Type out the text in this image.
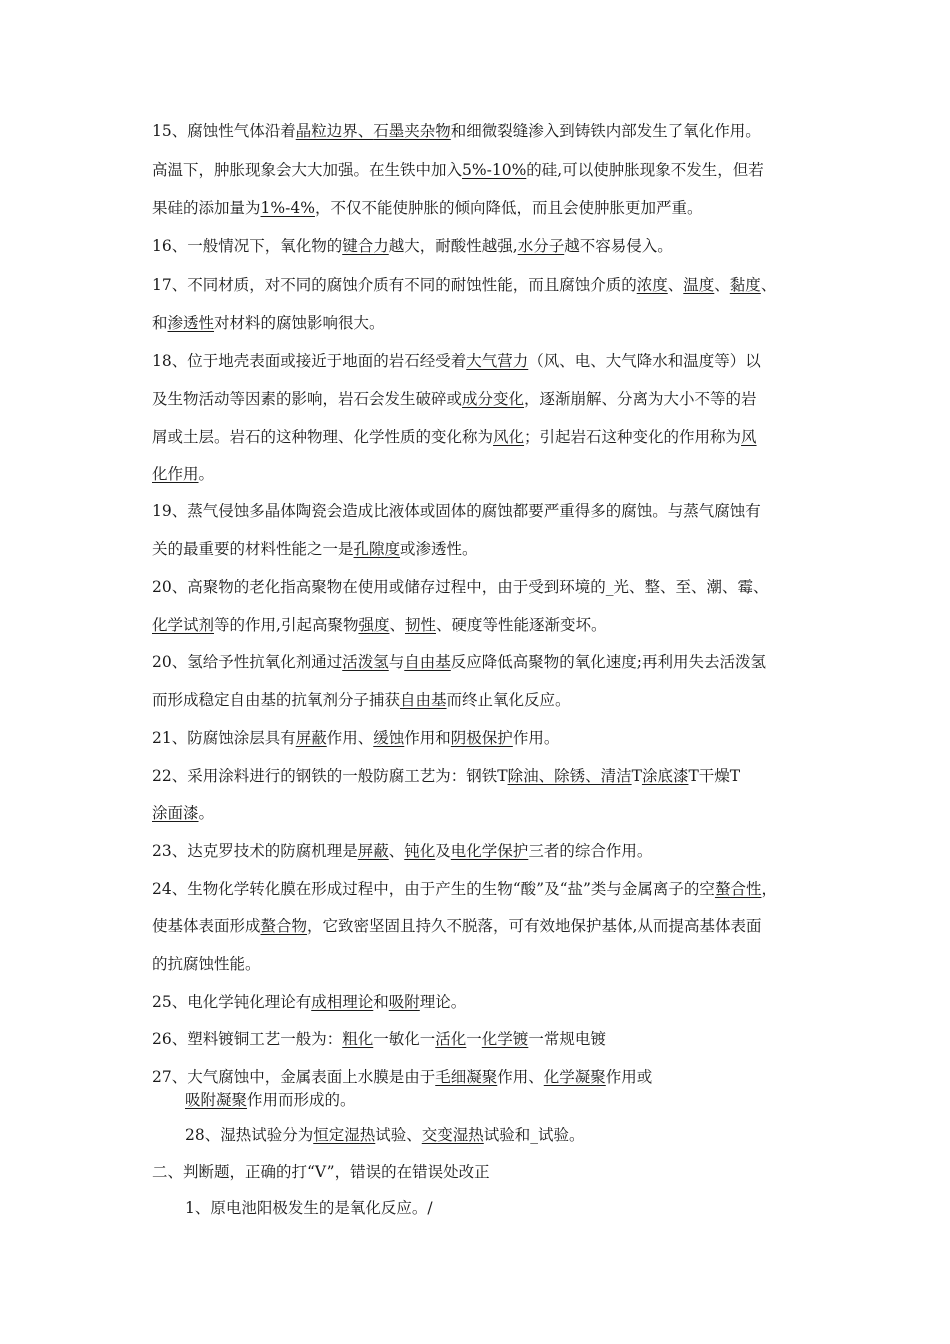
15、腐蚀性气体沿着晶粒边界、石墨夹杂物和细微裂缝渗入到铸铁内部发生了氧化作用。
高温下，肿胀现象会大大加强。在生铁中加入5%-10%的硅,可以使肿胀现象不发生，但若
果硅的添加量为1%-4%，不仅不能使肿胀的倾向降低，而且会使肿胀更加严重。
16、一般情况下，氧化物的键合力越大，耐酸性越强,水分子越不容易侵入。
17、不同材质，对不同的腐蚀介质有不同的耐蚀性能，而且腐蚀介质的浓度、温度、黏度、
和渗透性对材料的腐蚀影响很大。
18、位于地壳表面或接近于地面的岩石经受着大气营力（风、电、大气降水和温度等）以
及生物活动等因素的影响，岩石会发生破碎或成分变化，逐渐崩解、分离为大小不等的岩
屑或土层。岩石的这种物理、化学性质的变化称为风化；引起岩石这种变化的作用称为风
化作用。
19、蒸气侵蚀多晶体陶瓷会造成比液体或固体的腐蚀都要严重得多的腐蚀。与蒸气腐蚀有
关的最重要的材料性能之一是孔隙度或渗透性。
20、高聚物的老化指高聚物在使用或储存过程中，由于受到环境的_光、整、至、潮、霉、
化学试剂等的作用,引起高聚物强度、韧性、硬度等性能逐渐变坏。
20、氢给予性抗氧化剂通过活泼氢与自由基反应降低高聚物的氧化速度;再利用失去活泼氢
而形成稳定自由基的抗氧剂分子捕获自由基而终止氧化反应。
21、防腐蚀涂层具有屏蔽作用、缓蚀作用和阴极保护作用。
22、采用涂料进行的钢铁的一般防腐工艺为：钢铁T除油、除锈、清洁T涂底漆T干燥T
涂面漆。
23、达克罗技术的防腐机理是屏蔽、钝化及电化学保护三者的综合作用。
24、生物化学转化膜在形成过程中，由于产生的生物“酸”及“盐”类与金属离子的空螯合性，
使基体表面形成螯合物，它致密坚固且持久不脱落，可有效地保护基体,从而提高基体表面
的抗腐蚀性能。
25、电化学钝化理论有成相理论和吸附理论。
26、塑料镀铜工艺一般为：粗化一敏化一活化一化学镀一常规电镀
27、大气腐蚀中，金属表面上水膜是由于毛细凝聚作用、化学凝聚作用或
吸附凝聚作用而形成的。
28、湿热试验分为恒定湿热试验、交变湿热试验和_试验。
二、判断题，正确的打“V”，错误的在错误处改正
1、原电池阳极发生的是氧化反应。/
